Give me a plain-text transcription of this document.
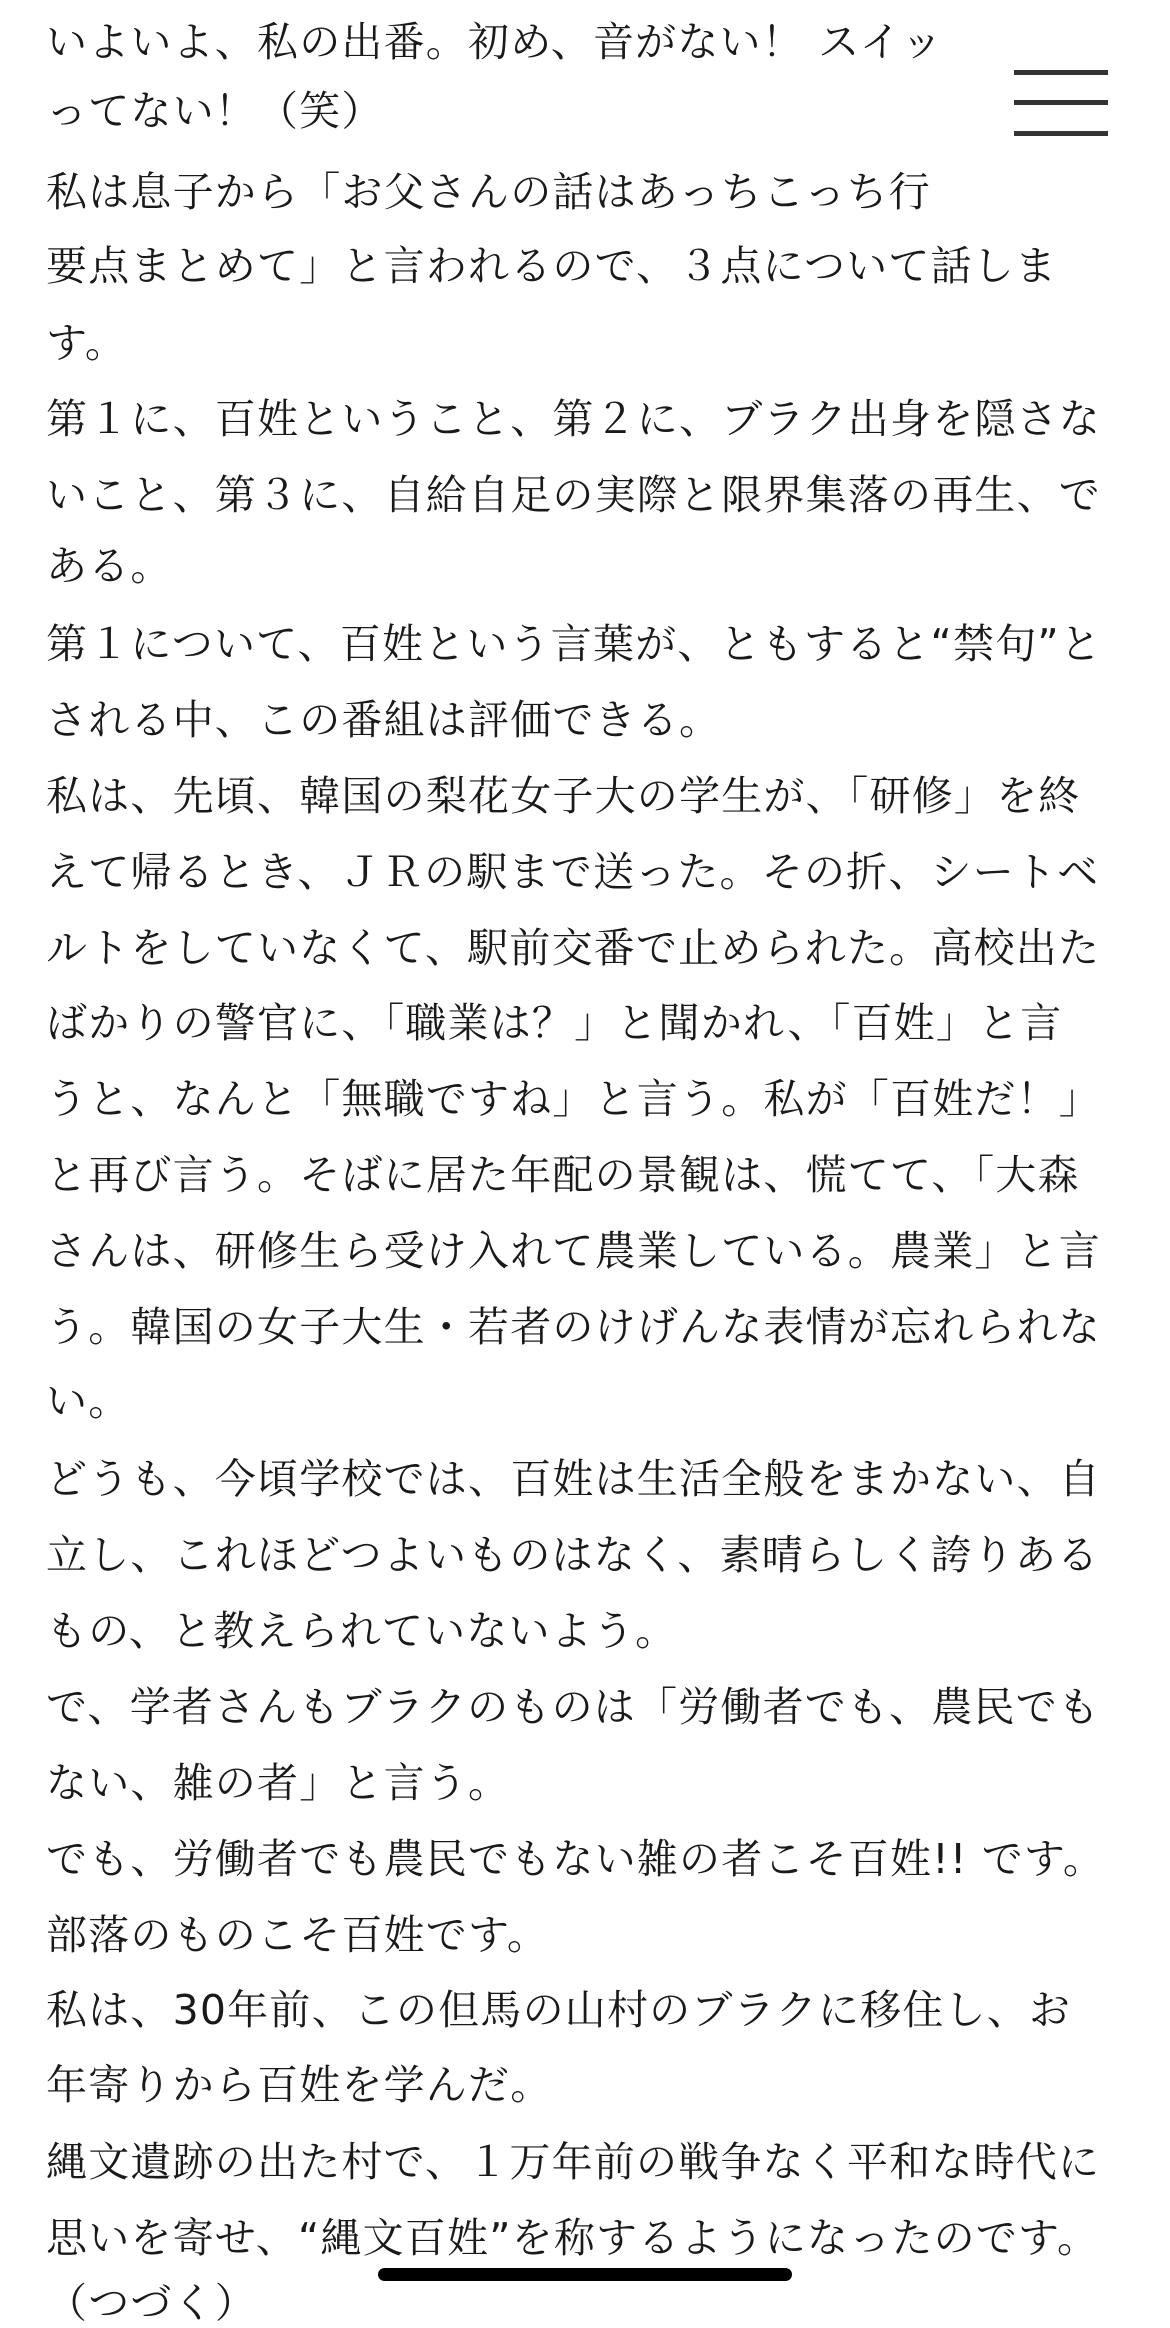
いよいよ、私の出番。初め、音がない！ スイッ
ってない！（笑）
私は息子から「お父さんの話はあっちこっち行
要点まとめて」と言われるので、３点について話しま
す。
第１に、百姓ということ、第２に、ブラク出身を隠さな
いこと、第３に、自給自足の実際と限界集落の再生、で
ある。
第１について、百姓という言葉が、ともすると“禁句”と
される中、この番組は評価できる。
私は、先頃、韓国の梨花女子大の学生が、「研修」を終
えて帰るとき、ＪＲの駅まで送った。その折、シートベ
ルトをしていなくて、駅前交番で止められた。高校出た
ばかりの警官に、「職業は？」と聞かれ、「百姓」と言
うと、なんと「無職ですね」と言う。私が「百姓だ！」
と再び言う。そばに居た年配の景観は、慌てて、「大森
さんは、研修生ら受け入れて農業している。農業」と言
う。韓国の女子大生・若者のけげんな表情が忘れられな
い。
どうも、今頃学校では、百姓は生活全般をまかない、自
立し、これほどつよいものはなく、素晴らしく誇りある
もの、と教えられていないよう。
で、学者さんもブラクのものは「労働者でも、農民でも
ない、雑の者」と言う。
でも、労働者でも農民でもない雑の者こそ百姓!! です。
部落のものこそ百姓です。
私は、30年前、この但馬の山村のブラクに移住し、お
年寄りから百姓を学んだ。
縄文遺跡の出た村で、１万年前の戦争なく平和な時代に
思いを寄せ、“縄文百姓”を称するようになったのです。
（つづく）
